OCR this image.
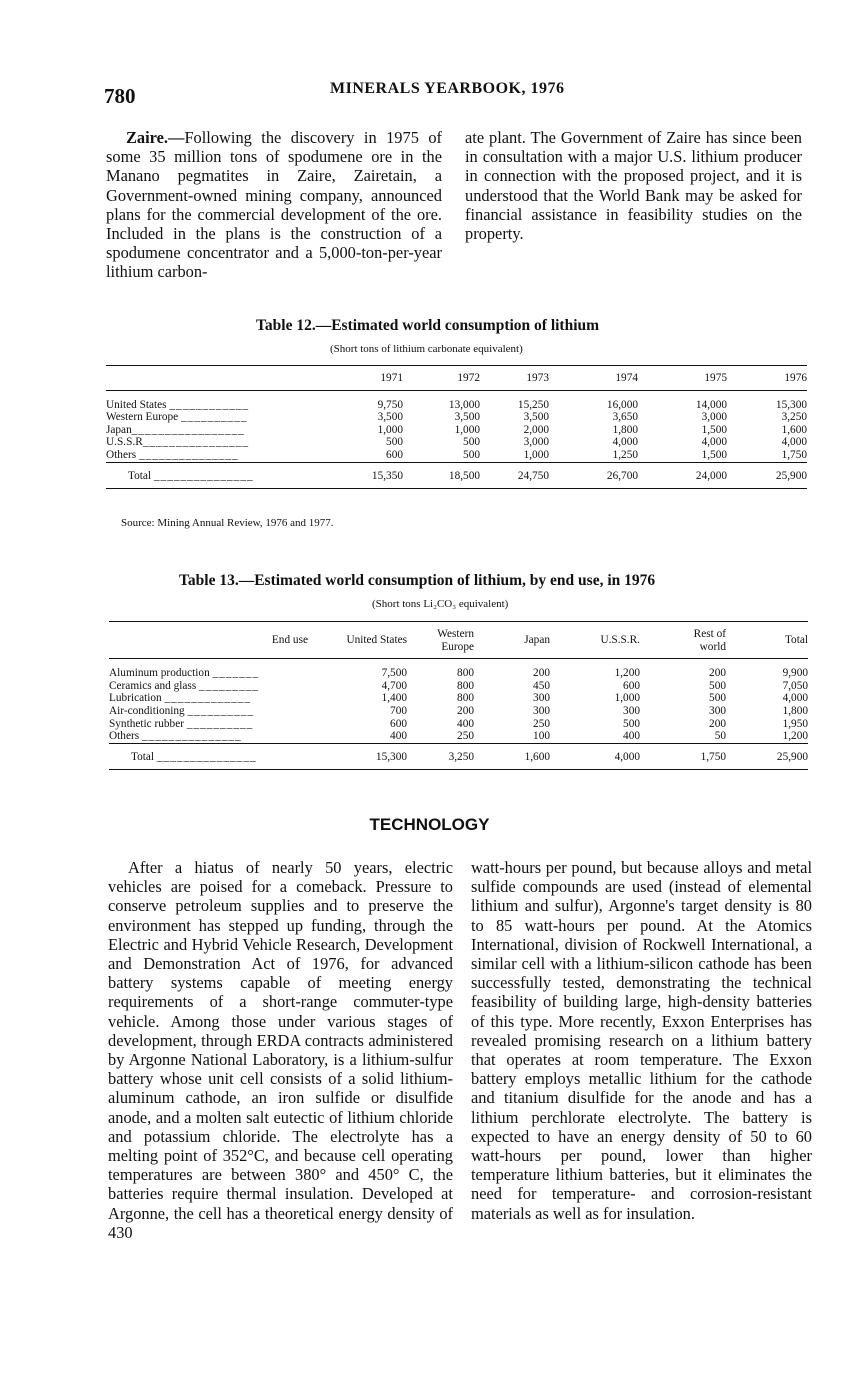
780	MINERALS YEARBOOK, 1976

Zaire.—Following the discovery in 1975 of some 35 million tons of spodumene ore in the Manano pegmatites in Zaire, Zairetain, a Government-owned mining company, announced plans for the commercial development of the ore. Included in the plans is the construction of a spodumene concentrator and a 5,000-ton-per-year lithium carbon-

ate plant. The Government of Zaire has since been in consultation with a major U.S. lithium producer in connection with the proposed project, and it is understood that the World Bank may be asked for financial assistance in feasibility studies on the property.

Table 12.—Estimated world consumption of lithium
(Short tons of lithium carbonate equivalent)
	1971	1972	1973	1974	1975	1976

United States ____________	9,750	13,000	15,250	16,000	14,000	15,300
Western Europe __________	3,500	3,500	3,500	3,650	3,000	3,250
Japan_________________	1,000	1,000	2,000	1,800	1,500	1,600
U.S.S.R________________	500	500	3,000	4,000	4,000	4,000
Others _______________	600	500	1,000	1,250	1,500	1,750
Total _______________	15,350	18,500	24,750	26,700	24,000	25,900
Source: Mining Annual Review, 1976 and 1977.
Table 13.—Estimated world consumption of lithium, by end use, in 1976
(Short tons Li₂CO₃ equivalent)
End use	United States	Western Europe	Japan	U.S.S.R.	Rest of world	Total

Aluminum production _______	7,500	800	200	1,200	200	9,900
Ceramics and glass _________	4,700	800	450	600	500	7,050
Lubrication _____________	1,400	800	300	1,000	500	4,000
Air-conditioning __________	700	200	300	300	300	1,800
Synthetic rubber __________	600	400	250	500	200	1,950
Others _______________	400	250	100	400	50	1,200
Total _______________	15,300	3,250	1,600	4,000	1,750	25,900
TECHNOLOGY

After a hiatus of nearly 50 years, electric vehicles are poised for a comeback. Pressure to conserve petroleum supplies and to preserve the environment has stepped up funding, through the Electric and Hybrid Vehicle Research, Development and Demonstration Act of 1976, for advanced battery systems capable of meeting energy requirements of a short-range commuter-type vehicle. Among those under various stages of development, through ERDA contracts administered by Argonne National Laboratory, is a lithium-sulfur battery whose unit cell consists of a solid lithium-aluminum cathode, an iron sulfide or disulfide anode, and a molten salt eutectic of lithium chloride and potassium chloride. The electrolyte has a melting point of 352°C, and because cell operating temperatures are between 380° and 450° C, the batteries require thermal insulation. Developed at Argonne, the cell has a theoretical energy density of 430

watt-hours per pound, but because alloys and metal sulfide compounds are used (instead of elemental lithium and sulfur), Argonne's target density is 80 to 85 watt-hours per pound. At the Atomics International, division of Rockwell International, a similar cell with a lithium-silicon cathode has been successfully tested, demonstrating the technical feasibility of building large, high-density batteries of this type. More recently, Exxon Enterprises has revealed promising research on a lithium battery that operates at room temperature. The Exxon battery employs metallic lithium for the cathode and titanium disulfide for the anode and has a lithium perchlorate electrolyte. The battery is expected to have an energy density of 50 to 60 watt-hours per pound, lower than higher temperature lithium batteries, but it eliminates the need for temperature- and corrosion-resistant materials as well as for insulation.
